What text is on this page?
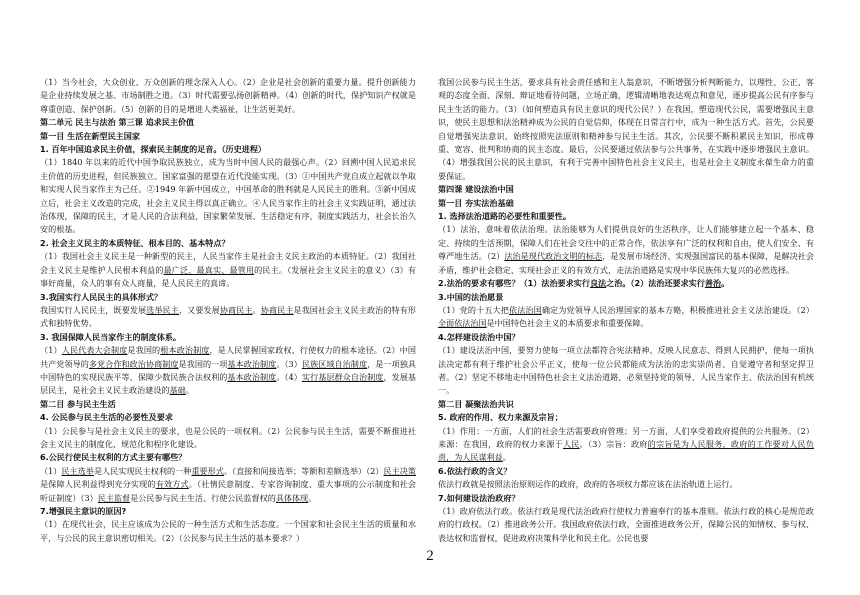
（1）当今社会，大众创业、万众创新的理念深入人心。（2）企业是社会创新的重要力量。提升创新能力是企业持续发展之基、市场制胜之道。（3）时代需要弘扬创新精神。（4）创新的时代，保护知识产权就是尊重创造、保护创新。（5）创新的目的是增进人类福祉，让生活更美好。

第二单元 民主与法治 第三课 追求民主价值

第一目 生活在新型民主国家

1. 百年中国追求民主价值，探索民主制度的足音。（历史进程）

（1）1840 年以来的近代中国争取民族独立，成为当时中国人民的最强心声。（2）回溯中国人民追求民主价值的历史进程，但民族独立、国家富强的愿望在近代没能实现。（3）①中国共产党自成立起就以争取和实现人民当家作主为己任。②1949 年新中国成立，中国革命的胜利就是人民民主的胜利。③新中国成立后，社会主义改造的完成，社会主义民主得以真正确立。④人民当家作主的社会主义实践证明，通过法治体现，保障的民主，才是人民的合法利益，国家繁荣发展、生活稳定有序，制度实践活力，社会长治久安的根基。

2. 社会主义民主的本质特征、根本目的、基本特点？

（1）我国社会主义民主是一种新型的民主，人民当家作主是社会主义民主政治的本质特征。（2）我国社会主义民主是维护人民根本利益的最广泛、最真实、最管用的民主。（发展社会主义民主的意义）（3）有事好商量，众人的事有众人商量，是人民民主的真谛。

3.我国实行人民民主的具体形式？

我国实行人民民主，既要发展选举民主，又要发展协商民主。协商民主是我国社会主义民主政治的特有形式和独特优势。

3. 我国保障人民当家作主的制度体系。

（1）人民代表大会制度是我国的根本政治制度，是人民掌握国家政权、行使权力的根本途径。（2）中国共产党领导的多党合作和政治协商制度是我国的一项基本政治制度。（3）民族区域自治制度，是一项独具中国特色的实现民族平等、保障少数民族合法权利的基本政治制度。（4）实行基层群众自治制度，发展基层民主，是社会主义民主政治建设的基础。

第二目 参与民主生活

4. 公民参与民主生活的必要性及要求

（1）公民参与是社会主义民主的要求，也是公民的一项权利。（2）公民参与民主生活，需要不断推进社会主义民主的制度化、规范化和程序化建设。

6.公民行使民主权利的方式主要有哪些？

（1）民主选举是人民实现民主权利的一种重要形式。（直接和间接选举；等额和差额选举）（2）民主决策是保障人民利益得到充分实现的有效方式。（社情民意制度、专家咨询制度、重大事项的公示制度和社会听证制度）（3）民主监督是公民参与民主生活、行使公民监督权的具体体现。

7.增强民主意识的原因?

（1）在现代社会，民主应该成为公民的一种生活方式和生活态度。一个国家和社会民主生活的质量和水平，与公民的民主意识密切相关。（2）（公民参与民主生活的基本要求？）

我国公民参与民主生活，要求具有社会责任感和主人翁意识，不断增强分析判断能力，以理性、公正、客观的态度全面、深刻、辩证地看待问题，立场正确，逻辑清晰地表达观点和意见，逐步提高公民有序参与民主生活的能力。（3）（如何塑造具有民主意识的现代公民？）在我国，塑造现代公民，需要增强民主意识，使民主思想和法治精神成为公民的自觉信仰，体现在日常言行中，成为一种生活方式。首先，公民要自觉增强宪法意识，始终按照宪法原则和精神参与民主生活。其次，公民要不断积累民主知识，形成尊重、宽容、批判和协商的民主态度。最后，公民要通过依法参与公共事务，在实践中逐步增强民主意识。（4）增强我国公民的民主意识，有利于完善中国特色社会主义民主，也是社会主义制度永葆生命力的重要保证。

第四课 建设法治中国

第一目 夯实法治基础

1. 选择法治道路的必要性和重要性。

（1）法治，意味着依法治理。法治能够为人们提供良好的生活秩序，让人们能够建立起一个基本、稳定、持续的生活预期，保障人们在社会交往中的正常合作，依法享有广泛的权利和自由，使人们安全、有尊严地生活。（2）法治是现代政治文明的标志，是发展市场经济、实现强国富民的基本保障，是解决社会矛盾，维护社会稳定、实现社会正义的有效方式，走法治道路是实现中华民族伟大复兴的必然选择。

2.法治的要求有哪些？（1）法治要求实行良法之治。（2）法治还要求实行善治。

3.中国的法治愿景

（1）党的十五大把依法治国确定为党领导人民治理国家的基本方略，积极推进社会主义法治建设。（2）全面依法治国是中国特色社会主义的本质要求和重要保障。

4.怎样建设法治中国？

（1）建设法治中国，要努力使每一项立法都符合宪法精神、反映人民意志、得到人民拥护，使每一项执法决定都有利于维护社会公平正义，使每一位公民都能成为法治的忠实崇尚者、自觉遵守者和坚定捍卫者。（2）坚定不移地走中国特色社会主义法治道路，必须坚持党的领导、人民当家作主、依法治国有机统一。

第二目 凝聚法治共识

5. 政府的作用、权力来源及宗旨；

（1）作用：一方面，人们的社会生活需要政府管理；另一方面，人们享受着政府提供的公共服务。（2）来源：在我国，政府的权力来源于人民。（3）宗旨：政府的宗旨是为人民服务，政府的工作要对人民负责，为人民谋利益。

6.依法行政的含义？

依法行政就是按照法治原则运作的政府，政府的各项权力都应该在法治轨道上运行。

7.如何建设法治政府？

（1）政府依法行政。依法行政是现代法治政府行使权力普遍奉行的基本准则。依法行政的核心是规范政府的行政权。（2）推进政务公开。我国政府依法行政，全面推进政务公开，保障公民的知情权、参与权、表达权和监督权，促进政府决策科学化和民主化。公民也要

2
